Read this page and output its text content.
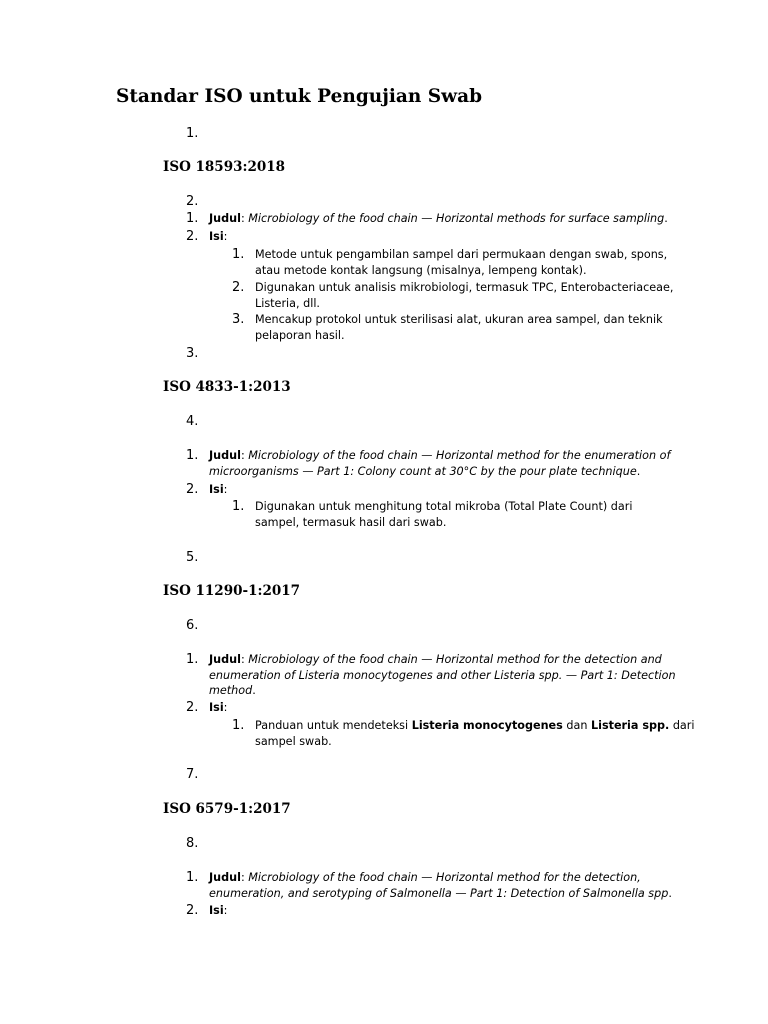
Standar ISO untuk Pengujian Swab
1.
ISO 18593:2018
2.
1. Judul: Microbiology of the food chain — Horizontal methods for surface sampling.
2. Isi:
1. Metode untuk pengambilan sampel dari permukaan dengan swab, spons,
atau metode kontak langsung (misalnya, lempeng kontak).
2. Digunakan untuk analisis mikrobiologi, termasuk TPC, Enterobacteriaceae,
Listeria, dll.
3. Mencakup protokol untuk sterilisasi alat, ukuran area sampel, dan teknik
pelaporan hasil.
3.
ISO 4833-1:2013
4.
1. Judul: Microbiology of the food chain — Horizontal method for the enumeration of
microorganisms — Part 1: Colony count at 30°C by the pour plate technique.
2. Isi:
1. Digunakan untuk menghitung total mikroba (Total Plate Count) dari
sampel, termasuk hasil dari swab.
5.
ISO 11290-1:2017
6.
1. Judul: Microbiology of the food chain — Horizontal method for the detection and
enumeration of Listeria monocytogenes and other Listeria spp. — Part 1: Detection
method.
2. Isi:
1. Panduan untuk mendeteksi Listeria monocytogenes dan Listeria spp. dari
sampel swab.
7.
ISO 6579-1:2017
8.
1. Judul: Microbiology of the food chain — Horizontal method for the detection,
enumeration, and serotyping of Salmonella — Part 1: Detection of Salmonella spp.
2. Isi:
